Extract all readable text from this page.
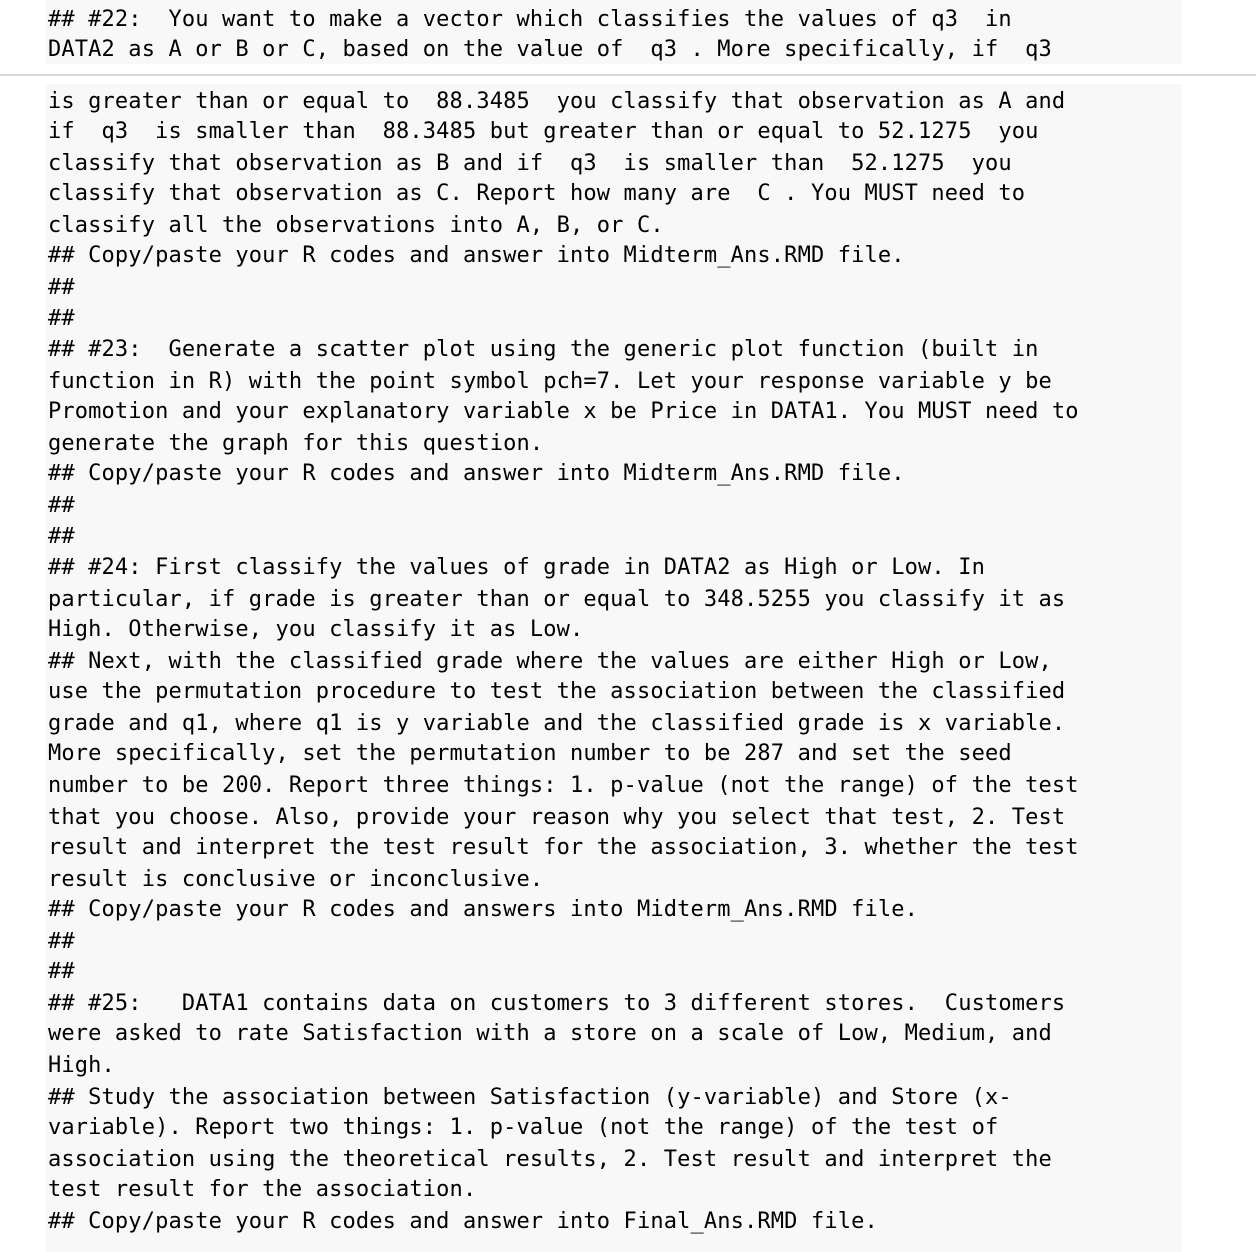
## #22:  You want to make a vector which classifies the values of q3  in
DATA2 as A or B or C, based on the value of  q3 . More specifically, if  q3
is greater than or equal to  88.3485  you classify that observation as A and
if  q3  is smaller than  88.3485 but greater than or equal to 52.1275  you
classify that observation as B and if  q3  is smaller than  52.1275  you
classify that observation as C. Report how many are  C . You MUST need to
classify all the observations into A, B, or C.
## Copy/paste your R codes and answer into Midterm_Ans.RMD file.
##
##
## #23:  Generate a scatter plot using the generic plot function (built in
function in R) with the point symbol pch=7. Let your response variable y be
Promotion and your explanatory variable x be Price in DATA1. You MUST need to
generate the graph for this question.
## Copy/paste your R codes and answer into Midterm_Ans.RMD file.
##
##
## #24: First classify the values of grade in DATA2 as High or Low. In
particular, if grade is greater than or equal to 348.5255 you classify it as
High. Otherwise, you classify it as Low.
## Next, with the classified grade where the values are either High or Low,
use the permutation procedure to test the association between the classified
grade and q1, where q1 is y variable and the classified grade is x variable.
More specifically, set the permutation number to be 287 and set the seed
number to be 200. Report three things: 1. p-value (not the range) of the test
that you choose. Also, provide your reason why you select that test, 2. Test
result and interpret the test result for the association, 3. whether the test
result is conclusive or inconclusive.
## Copy/paste your R codes and answers into Midterm_Ans.RMD file.
##
##
## #25:   DATA1 contains data on customers to 3 different stores.  Customers
were asked to rate Satisfaction with a store on a scale of Low, Medium, and
High.
## Study the association between Satisfaction (y-variable) and Store (x-
variable). Report two things: 1. p-value (not the range) of the test of
association using the theoretical results, 2. Test result and interpret the
test result for the association.
## Copy/paste your R codes and answer into Final_Ans.RMD file.
